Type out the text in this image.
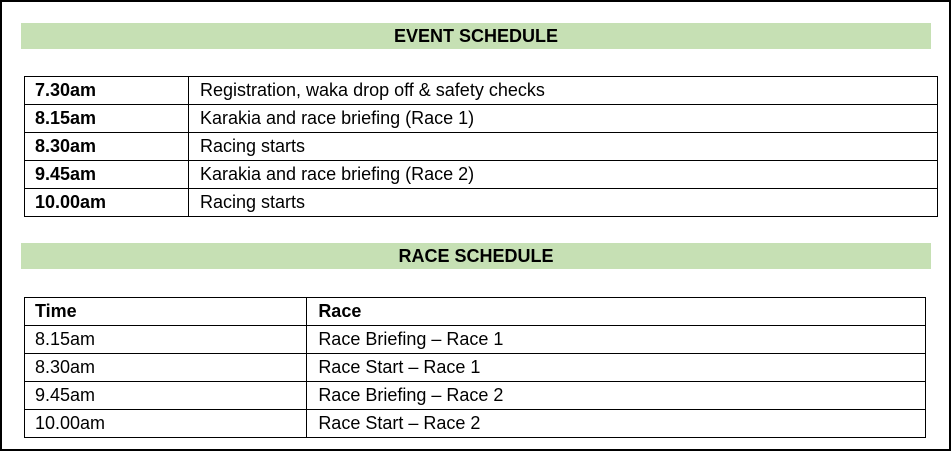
EVENT SCHEDULE
7.30am	Registration, waka drop off & safety checks
8.15am	Karakia and race briefing (Race 1)
8.30am	Racing starts
9.45am	Karakia and race briefing (Race 2)
10.00am	Racing starts
RACE SCHEDULE
Time	Race
8.15am	Race Briefing – Race 1
8.30am	Race Start – Race 1
9.45am	Race Briefing – Race 2
10.00am	Race Start – Race 2
